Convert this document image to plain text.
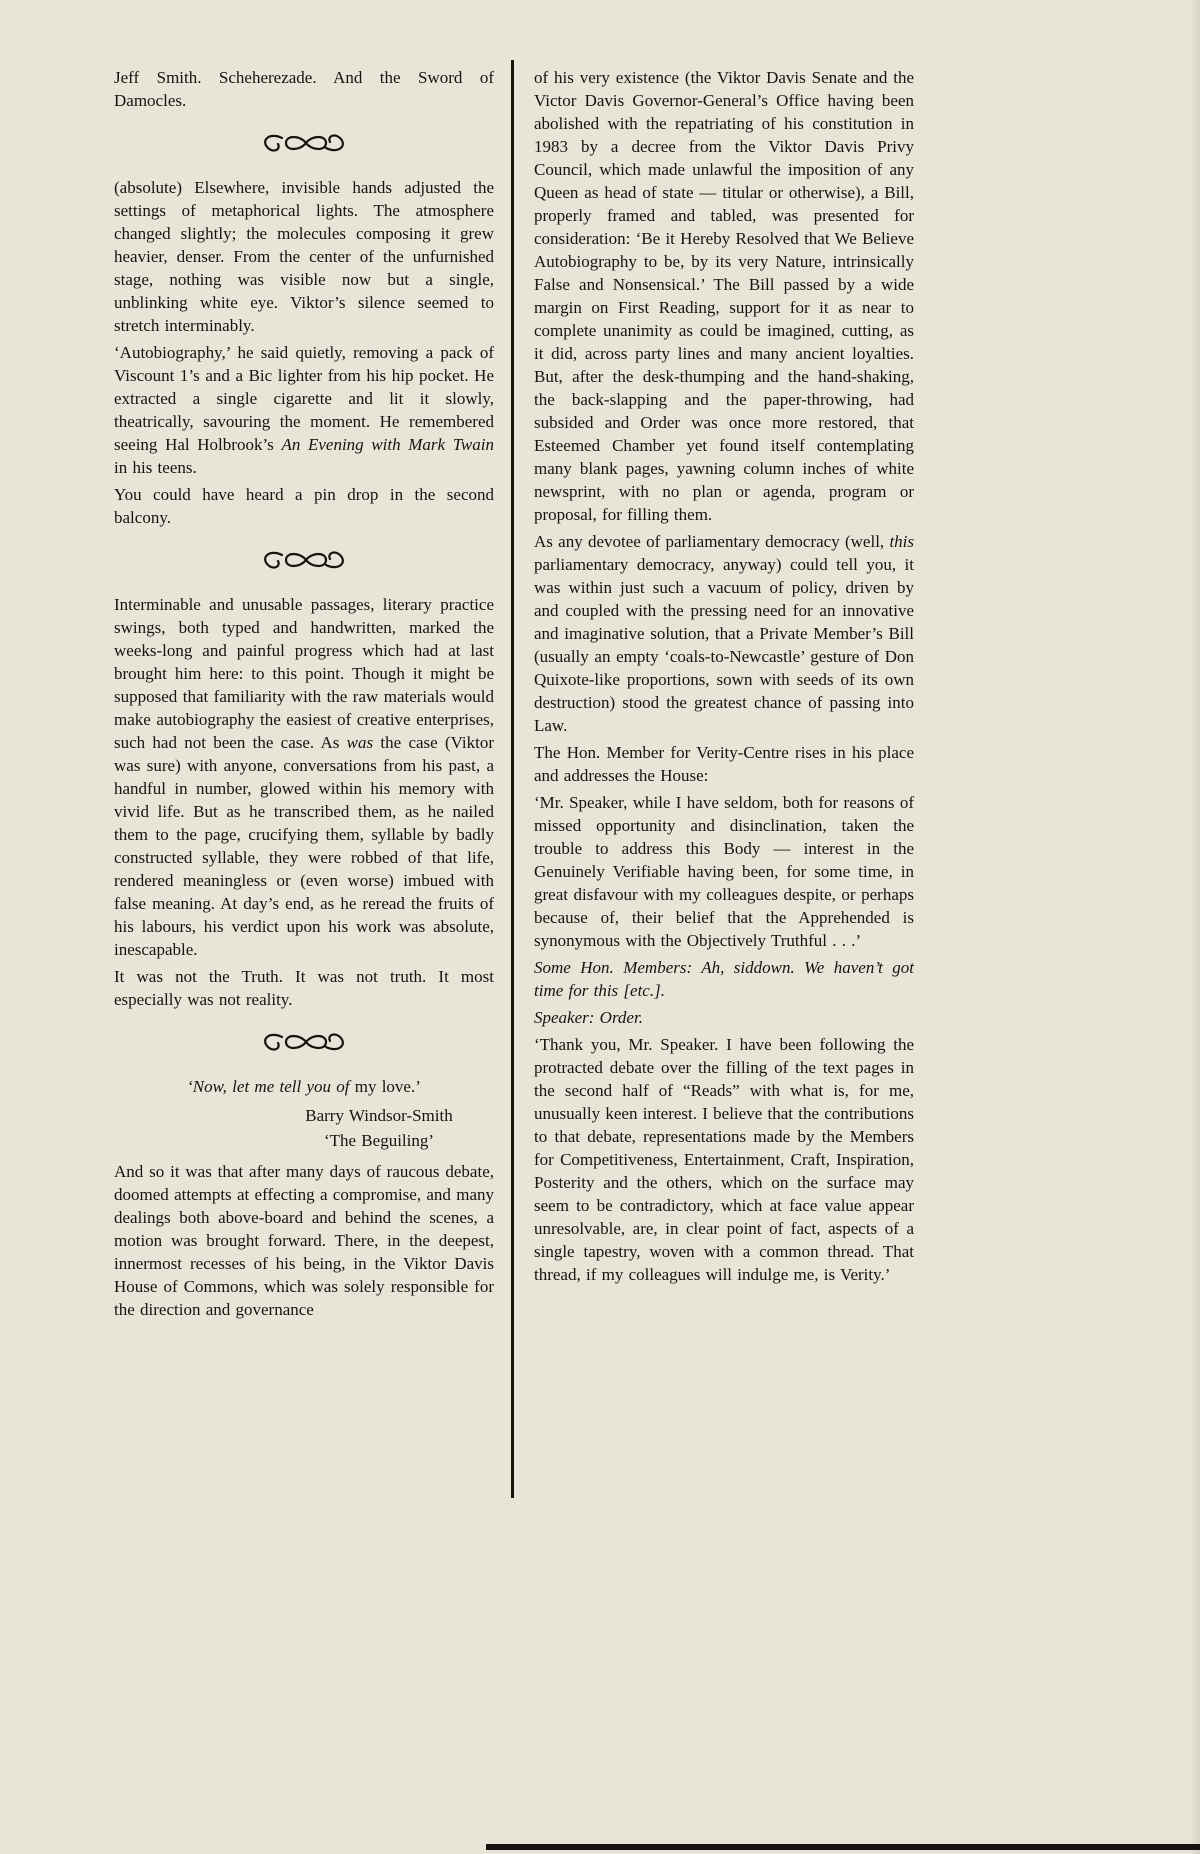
Jeff Smith. Scheherezade. And the Sword of Damocles.

(absolute) Elsewhere, invisible hands adjusted the settings of metaphorical lights. The atmosphere changed slightly; the molecules composing it grew heavier, denser. From the center of the unfurnished stage, nothing was visible now but a single, unblinking white eye. Viktor’s silence seemed to stretch interminably.

‘Autobiography,’ he said quietly, removing a pack of Viscount 1’s and a Bic lighter from his hip pocket. He extracted a single cigarette and lit it slowly, theatrically, savouring the moment. He remembered seeing Hal Holbrook’s An Evening with Mark Twain in his teens.

You could have heard a pin drop in the second balcony.

Interminable and unusable passages, literary practice swings, both typed and handwritten, marked the weeks-long and painful progress which had at last brought him here: to this point. Though it might be supposed that familiarity with the raw materials would make autobiography the easiest of creative enterprises, such had not been the case. As was the case (Viktor was sure) with anyone, conversations from his past, a handful in number, glowed within his memory with vivid life. But as he transcribed them, as he nailed them to the page, crucifying them, syllable by badly constructed syllable, they were robbed of that life, rendered meaningless or (even worse) imbued with false meaning. At day’s end, as he reread the fruits of his labours, his verdict upon his work was absolute, inescapable.

It was not the Truth. It was not truth. It most especially was not reality.

‘Now, let me tell you of my love.’

Barry Windsor-Smith

‘The Beguiling’

And so it was that after many days of raucous debate, doomed attempts at effecting a compromise, and many dealings both above-board and behind the scenes, a motion was brought forward. There, in the deepest, innermost recesses of his being, in the Viktor Davis House of Commons, which was solely responsible for the direction and governance

of his very existence (the Viktor Davis Senate and the Victor Davis Governor-General’s Office having been abolished with the repatriating of his constitution in 1983 by a decree from the Viktor Davis Privy Council, which made unlawful the imposition of any Queen as head of state — titular or otherwise), a Bill, properly framed and tabled, was presented for consideration: ‘Be it Hereby Resolved that We Believe Autobiography to be, by its very Nature, intrinsically False and Nonsensical.’ The Bill passed by a wide margin on First Reading, support for it as near to complete unanimity as could be imagined, cutting, as it did, across party lines and many ancient loyalties. But, after the desk-thumping and the hand-shaking, the back-slapping and the paper-throwing, had subsided and Order was once more restored, that Esteemed Chamber yet found itself contemplating many blank pages, yawning column inches of white newsprint, with no plan or agenda, program or proposal, for filling them.

As any devotee of parliamentary democracy (well, this parliamentary democracy, anyway) could tell you, it was within just such a vacuum of policy, driven by and coupled with the pressing need for an innovative and imaginative solution, that a Private Member’s Bill (usually an empty ‘coals-to-Newcastle’ gesture of Don Quixote-like proportions, sown with seeds of its own destruction) stood the greatest chance of passing into Law.

The Hon. Member for Verity-Centre rises in his place and addresses the House:

‘Mr. Speaker, while I have seldom, both for reasons of missed opportunity and disinclination, taken the trouble to address this Body — interest in the Genuinely Verifiable having been, for some time, in great disfavour with my colleagues despite, or perhaps because of, their belief that the Apprehended is synonymous with the Objectively Truthful . . .’

Some Hon. Members: Ah, siddown. We haven’t got time for this [etc.].

Speaker: Order.

‘Thank you, Mr. Speaker. I have been following the protracted debate over the filling of the text pages in the second half of “Reads” with what is, for me, unusually keen interest. I believe that the contributions to that debate, representations made by the Members for Competitiveness, Entertainment, Craft, Inspiration, Posterity and the others, which on the surface may seem to be contradictory, which at face value appear unresolvable, are, in clear point of fact, aspects of a single tapestry, woven with a common thread. That thread, if my colleagues will indulge me, is Verity.’
